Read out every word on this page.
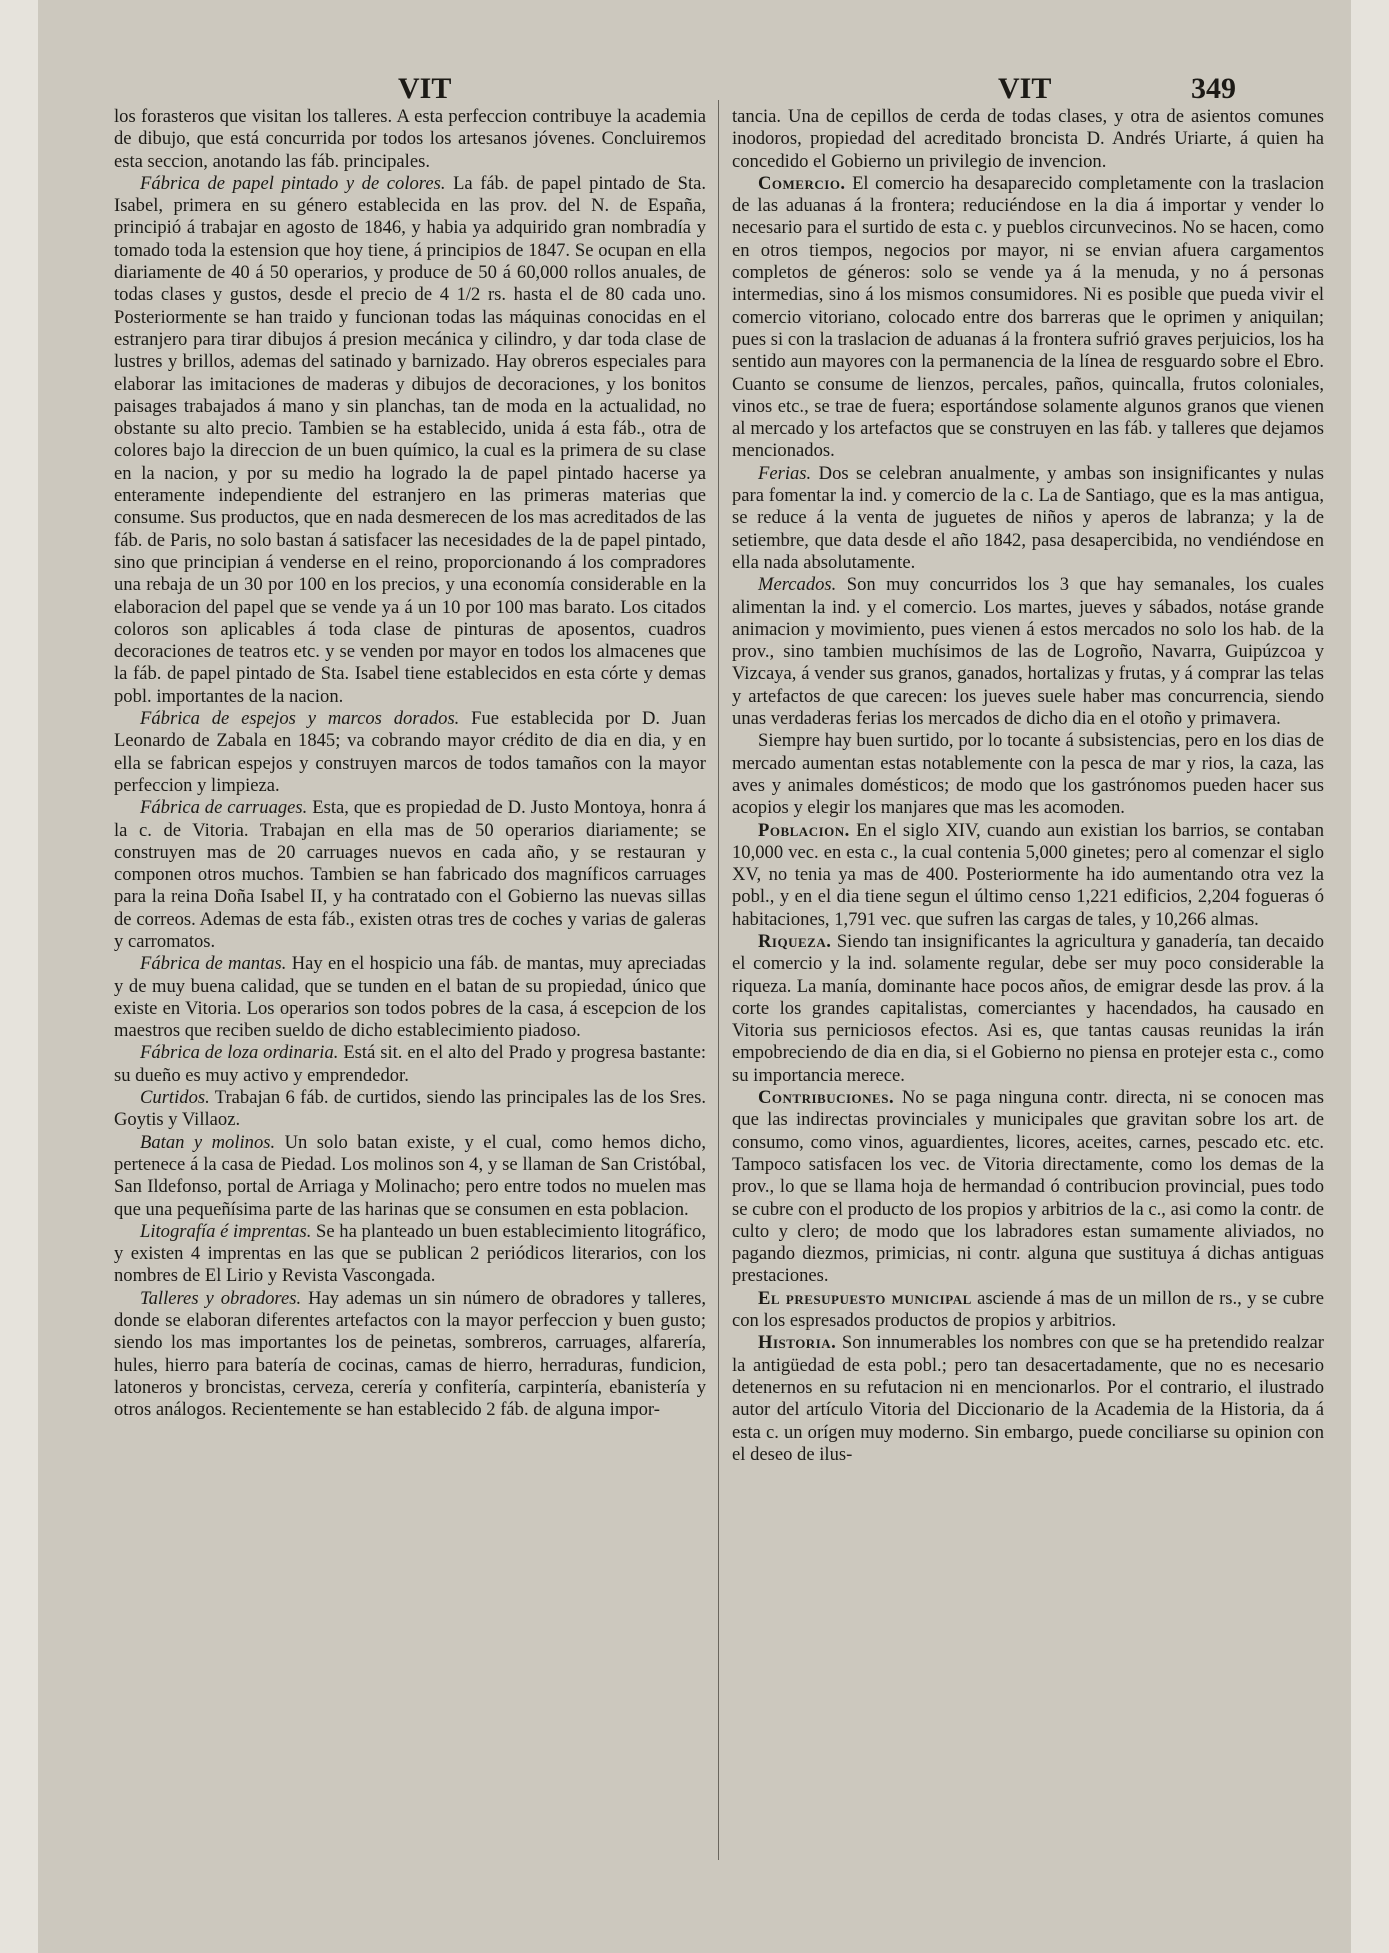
VIT	VIT	349

los forasteros que visitan los talleres. A esta perfeccion contribuye la academia de dibujo, que está concurrida por todos los artesanos jóvenes. Concluiremos esta seccion, anotando las fáb. principales.

Fábrica de papel pintado y de colores. La fáb. de papel pintado de Sta. Isabel, primera en su género establecida en las prov. del N. de España, principió á trabajar en agosto de 1846, y habia ya adquirido gran nombradía y tomado toda la estension que hoy tiene, á principios de 1847. Se ocupan en ella diariamente de 40 á 50 operarios, y produce de 50 á 60,000 rollos anuales, de todas clases y gustos, desde el precio de 4 1/2 rs. hasta el de 80 cada uno. Posteriormente se han traido y funcionan todas las máquinas conocidas en el estranjero para tirar dibujos á presion mecánica y cilindro, y dar toda clase de lustres y brillos, ademas del satinado y barnizado. Hay obreros especiales para elaborar las imitaciones de maderas y dibujos de decoraciones, y los bonitos paisages trabajados á mano y sin planchas, tan de moda en la actualidad, no obstante su alto precio. Tambien se ha establecido, unida á esta fáb., otra de colores bajo la direccion de un buen químico, la cual es la primera de su clase en la nacion, y por su medio ha logrado la de papel pintado hacerse ya enteramente independiente del estranjero en las primeras materias que consume. Sus productos, que en nada desmerecen de los mas acreditados de las fáb. de Paris, no solo bastan á satisfacer las necesidades de la de papel pintado, sino que principian á venderse en el reino, proporcionando á los compradores una rebaja de un 30 por 100 en los precios, y una economía considerable en la elaboracion del papel que se vende ya á un 10 por 100 mas barato. Los citados coloros son aplicables á toda clase de pinturas de aposentos, cuadros decoraciones de teatros etc. y se venden por mayor en todos los almacenes que la fáb. de papel pintado de Sta. Isabel tiene establecidos en esta córte y demas pobl. importantes de la nacion.

Fábrica de espejos y marcos dorados. Fue establecida por D. Juan Leonardo de Zabala en 1845; va cobrando mayor crédito de dia en dia, y en ella se fabrican espejos y construyen marcos de todos tamaños con la mayor perfeccion y limpieza.

Fábrica de carruages. Esta, que es propiedad de D. Justo Montoya, honra á la c. de Vitoria. Trabajan en ella mas de 50 operarios diariamente; se construyen mas de 20 carruages nuevos en cada año, y se restauran y componen otros muchos. Tambien se han fabricado dos magníficos carruages para la reina Doña Isabel II, y ha contratado con el Gobierno las nuevas sillas de correos. Ademas de esta fáb., existen otras tres de coches y varias de galeras y carromatos.

Fábrica de mantas. Hay en el hospicio una fáb. de mantas, muy apreciadas y de muy buena calidad, que se tunden en el batan de su propiedad, único que existe en Vitoria. Los operarios son todos pobres de la casa, á escepcion de los maestros que reciben sueldo de dicho establecimiento piadoso.

Fábrica de loza ordinaria. Está sit. en el alto del Prado y progresa bastante: su dueño es muy activo y emprendedor.

Curtidos. Trabajan 6 fáb. de curtidos, siendo las principales las de los Sres. Goytis y Villaoz.

Batan y molinos. Un solo batan existe, y el cual, como hemos dicho, pertenece á la casa de Piedad. Los molinos son 4, y se llaman de San Cristóbal, San Ildefonso, portal de Arriaga y Molinacho; pero entre todos no muelen mas que una pequeñísima parte de las harinas que se consumen en esta poblacion.

Litografía é imprentas. Se ha planteado un buen establecimiento litográfico, y existen 4 imprentas en las que se publican 2 periódicos literarios, con los nombres de El Lirio y Revista Vascongada.

Talleres y obradores. Hay ademas un sin número de obradores y talleres, donde se elaboran diferentes artefactos con la mayor perfeccion y buen gusto; siendo los mas importantes los de peinetas, sombreros, carruages, alfarería, hules, hierro para batería de cocinas, camas de hierro, herraduras, fundicion, latoneros y broncistas, cerveza, cerería y confitería, carpintería, ebanistería y otros análogos. Recientemente se han establecido 2 fáb. de alguna impor-

tancia. Una de cepillos de cerda de todas clases, y otra de asientos comunes inodoros, propiedad del acreditado broncista D. Andrés Uriarte, á quien ha concedido el Gobierno un privilegio de invencion.

Comercio. El comercio ha desaparecido completamente con la traslacion de las aduanas á la frontera; reduciéndose en la dia á importar y vender lo necesario para el surtido de esta c. y pueblos circunvecinos. No se hacen, como en otros tiempos, negocios por mayor, ni se envian afuera cargamentos completos de géneros: solo se vende ya á la menuda, y no á personas intermedias, sino á los mismos consumidores. Ni es posible que pueda vivir el comercio vitoriano, colocado entre dos barreras que le oprimen y aniquilan; pues si con la traslacion de aduanas á la frontera sufrió graves perjuicios, los ha sentido aun mayores con la permanencia de la línea de resguardo sobre el Ebro. Cuanto se consume de lienzos, percales, paños, quincalla, frutos coloniales, vinos etc., se trae de fuera; esportándose solamente algunos granos que vienen al mercado y los artefactos que se construyen en las fáb. y talleres que dejamos mencionados.

Ferias. Dos se celebran anualmente, y ambas son insignificantes y nulas para fomentar la ind. y comercio de la c. La de Santiago, que es la mas antigua, se reduce á la venta de juguetes de niños y aperos de labranza; y la de setiembre, que data desde el año 1842, pasa desapercibida, no vendiéndose en ella nada absolutamente.

Mercados. Son muy concurridos los 3 que hay semanales, los cuales alimentan la ind. y el comercio. Los martes, jueves y sábados, notáse grande animacion y movimiento, pues vienen á estos mercados no solo los hab. de la prov., sino tambien muchísimos de las de Logroño, Navarra, Guipúzcoa y Vizcaya, á vender sus granos, ganados, hortalizas y frutas, y á comprar las telas y artefactos de que carecen: los jueves suele haber mas concurrencia, siendo unas verdaderas ferias los mercados de dicho dia en el otoño y primavera.

Siempre hay buen surtido, por lo tocante á subsistencias, pero en los dias de mercado aumentan estas notablemente con la pesca de mar y rios, la caza, las aves y animales domésticos; de modo que los gastrónomos pueden hacer sus acopios y elegir los manjares que mas les acomoden.

Poblacion. En el siglo XIV, cuando aun existian los barrios, se contaban 10,000 vec. en esta c., la cual contenia 5,000 ginetes; pero al comenzar el siglo XV, no tenia ya mas de 400. Posteriormente ha ido aumentando otra vez la pobl., y en el dia tiene segun el último censo 1,221 edificios, 2,204 fogueras ó habitaciones, 1,791 vec. que sufren las cargas de tales, y 10,266 almas.

Riqueza. Siendo tan insignificantes la agricultura y ganadería, tan decaido el comercio y la ind. solamente regular, debe ser muy poco considerable la riqueza. La manía, dominante hace pocos años, de emigrar desde las prov. á la corte los grandes capitalistas, comerciantes y hacendados, ha causado en Vitoria sus perniciosos efectos. Asi es, que tantas causas reunidas la irán empobreciendo de dia en dia, si el Gobierno no piensa en protejer esta c., como su importancia merece.

Contribuciones. No se paga ninguna contr. directa, ni se conocen mas que las indirectas provinciales y municipales que gravitan sobre los art. de consumo, como vinos, aguardientes, licores, aceites, carnes, pescado etc. etc. Tampoco satisfacen los vec. de Vitoria directamente, como los demas de la prov., lo que se llama hoja de hermandad ó contribucion provincial, pues todo se cubre con el producto de los propios y arbitrios de la c., asi como la contr. de culto y clero; de modo que los labradores estan sumamente aliviados, no pagando diezmos, primicias, ni contr. alguna que sustituya á dichas antiguas prestaciones.

El presupuesto municipal asciende á mas de un millon de rs., y se cubre con los espresados productos de propios y arbitrios.

Historia. Son innumerables los nombres con que se ha pretendido realzar la antigüedad de esta pobl.; pero tan desacertadamente, que no es necesario detenernos en su refutacion ni en mencionarlos. Por el contrario, el ilustrado autor del artículo Vitoria del Diccionario de la Academia de la Historia, da á esta c. un orígen muy moderno. Sin embargo, puede conciliarse su opinion con el deseo de ilus-
